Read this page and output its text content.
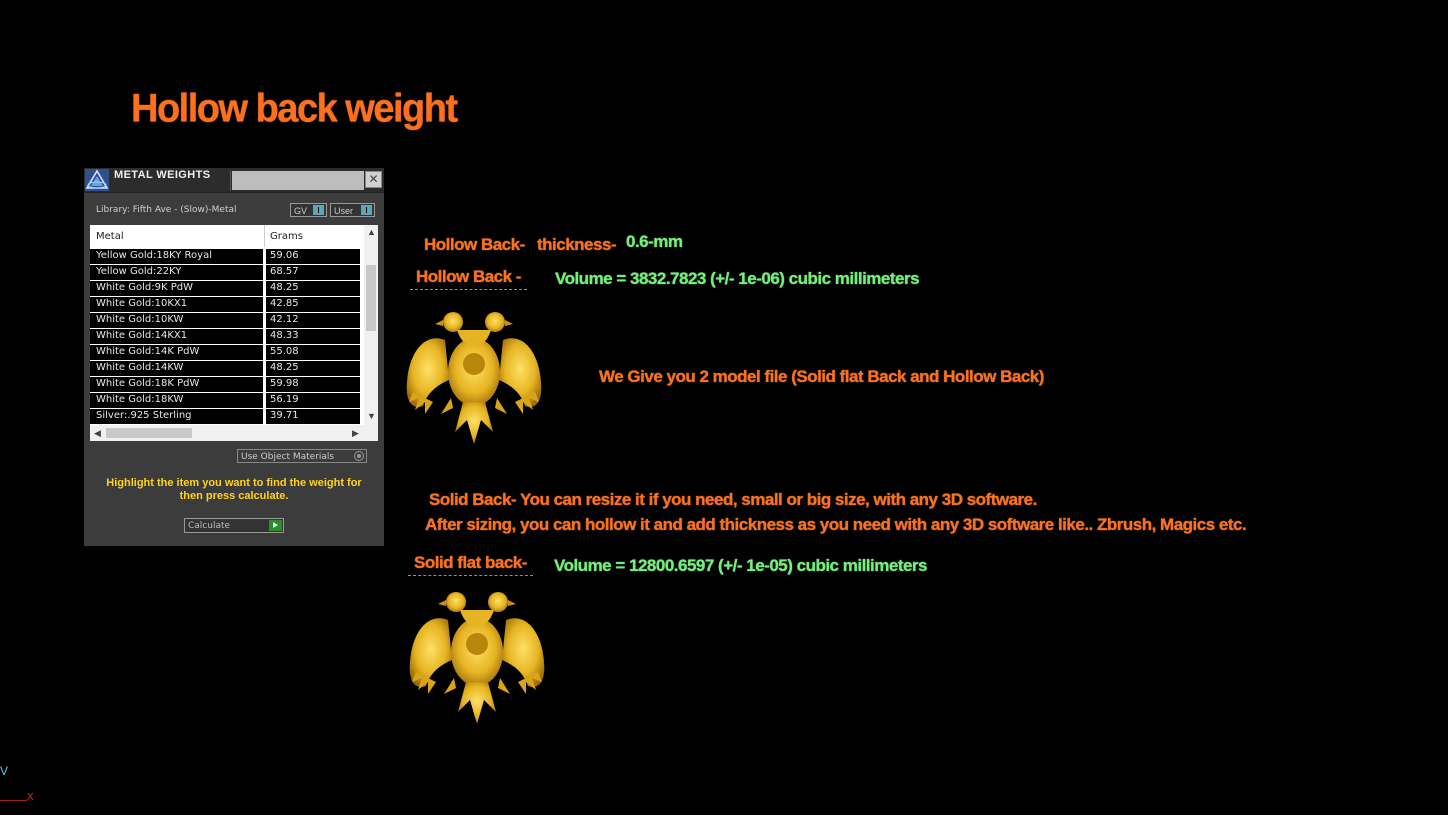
Hollow back weight
METAL WEIGHTS	✕
Library: Fifth Ave - (Slow)-Metal	GV	User
Metal	Grams
Yellow Gold:18KY Royal	59.06
Yellow Gold:22KY	68.57
White Gold:9K PdW	48.25
White Gold:10KX1	42.85
White Gold:10KW	42.12
White Gold:14KX1	48.33
White Gold:14K PdW	55.08
White Gold:14KW	48.25
White Gold:18K PdW	59.98
White Gold:18KW	56.19
Silver:.925 Sterling	39.71
▲
▼
◀	▶
Use Object Materials
Highlight the item you want to find the weight for then press calculate.
Calculate
Hollow Back- thickness- 0.6-mm
Hollow Back -	Volume = 3832.7823 (+/- 1e-06) cubic millimeters
We Give you 2 model file (Solid flat Back and Hollow Back)
Solid Back- You can resize it if you need, small or big size, with any 3D software.
After sizing, you can hollow it and add thickness as you need with any 3D software like.. Zbrush, Magics etc.
Solid flat back-	Volume = 12800.6597 (+/- 1e-05) cubic millimeters
V
X
